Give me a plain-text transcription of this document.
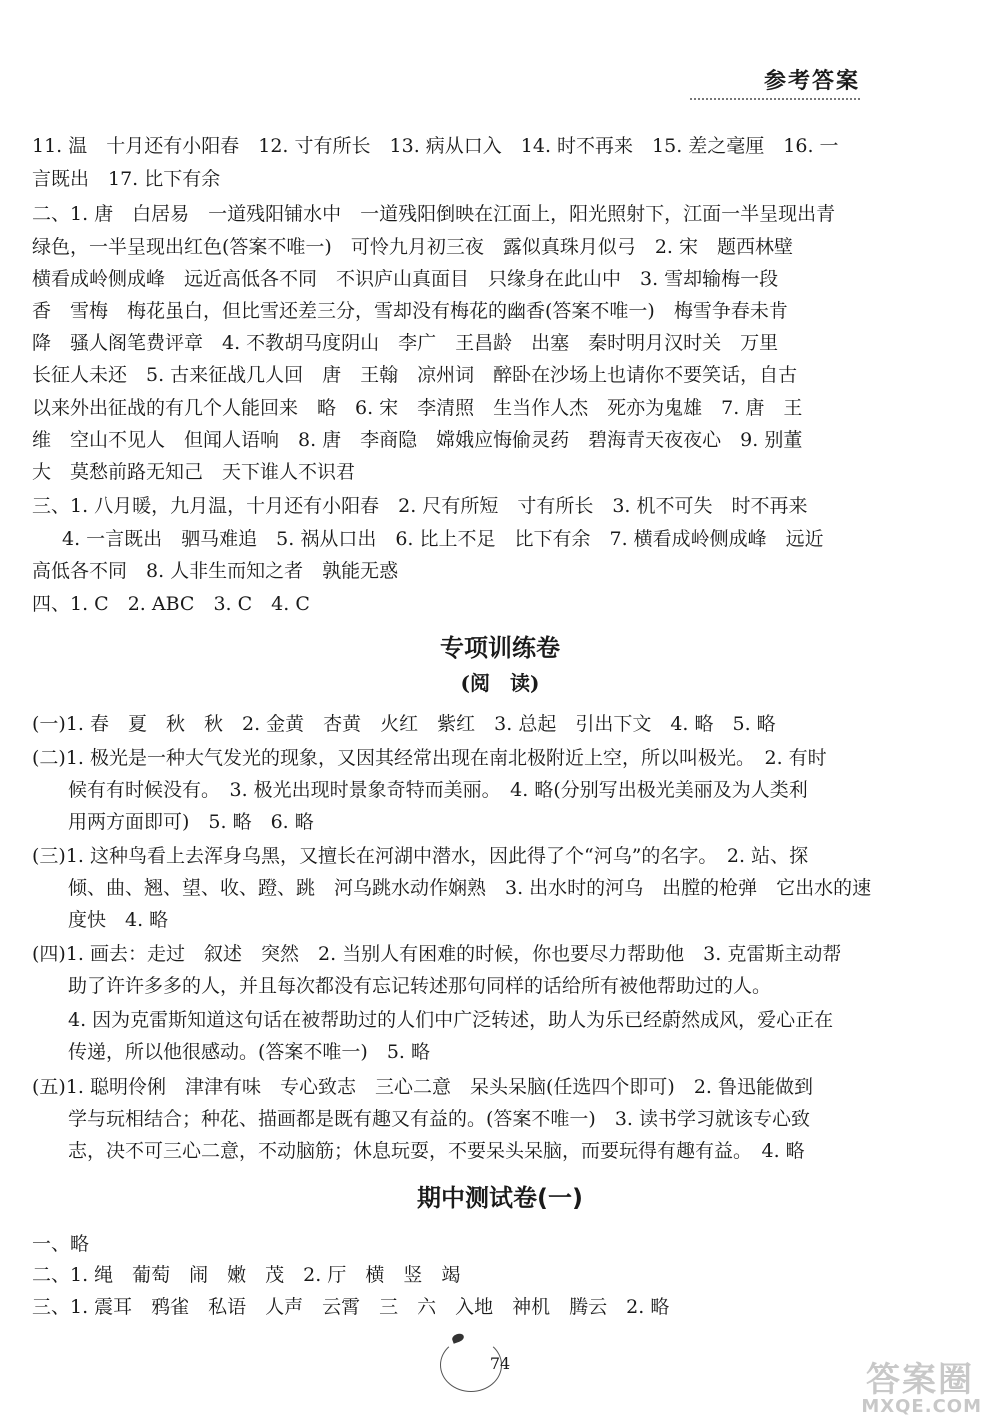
参考答案
11. 温　十月还有小阳春　12. 寸有所长　13. 病从口入　14. 时不再来　15. 差之毫厘　16. 一
言既出　17. 比下有余
二、1. 唐　白居易　一道残阳铺水中　一道残阳倒映在江面上，阳光照射下，江面一半呈现出青
绿色，一半呈现出红色(答案不唯一)　可怜九月初三夜　露似真珠月似弓　2. 宋　题西林壁
横看成岭侧成峰　远近高低各不同　不识庐山真面目　只缘身在此山中　3. 雪却输梅一段
香　雪梅　梅花虽白，但比雪还差三分，雪却没有梅花的幽香(答案不唯一)　梅雪争春未肯
降　骚人阁笔费评章　4. 不教胡马度阴山　李广　王昌龄　出塞　秦时明月汉时关　万里
长征人未还　5. 古来征战几人回　唐　王翰　凉州词　醉卧在沙场上也请你不要笑话，自古
以来外出征战的有几个人能回来　略　6. 宋　李清照　生当作人杰　死亦为鬼雄　7. 唐　王
维　空山不见人　但闻人语响　8. 唐　李商隐　嫦娥应悔偷灵药　碧海青天夜夜心　9. 别董
大　莫愁前路无知己　天下谁人不识君
三、1. 八月暖，九月温，十月还有小阳春　2. 尺有所短　寸有所长　3. 机不可失　时不再来
4. 一言既出　驷马难追　5. 祸从口出　6. 比上不足　比下有余　7. 横看成岭侧成峰　远近
高低各不同　8. 人非生而知之者　孰能无惑
四、1. C　2. ABC　3. C　4. C
专项训练卷
(阅　读)
(一)1. 春　夏　秋　秋　2. 金黄　杏黄　火红　紫红　3. 总起　引出下文　4. 略　5. 略
(二)1. 极光是一种大气发光的现象，又因其经常出现在南北极附近上空，所以叫极光。　2. 有时
候有有时候没有。　3. 极光出现时景象奇特而美丽。　4. 略(分别写出极光美丽及为人类利
用两方面即可)　5. 略　6. 略
(三)1. 这种鸟看上去浑身乌黑，又擅长在河湖中潜水，因此得了个“河乌”的名字。　2. 站、探
倾、曲、翘、望、收、蹬、跳　河乌跳水动作娴熟　3. 出水时的河乌　出膛的枪弹　它出水的速
度快　4. 略
(四)1. 画去：走过　叙述　突然　2. 当别人有困难的时候，你也要尽力帮助他　3. 克雷斯主动帮
助了许许多多的人，并且每次都没有忘记转述那句同样的话给所有被他帮助过的人。
4. 因为克雷斯知道这句话在被帮助过的人们中广泛转述，助人为乐已经蔚然成风，爱心正在
传递，所以他很感动。(答案不唯一)　5. 略
(五)1. 聪明伶俐　津津有味　专心致志　三心二意　呆头呆脑(任选四个即可)　2. 鲁迅能做到
学与玩相结合；种花、描画都是既有趣又有益的。(答案不唯一)　3. 读书学习就该专心致
志，决不可三心二意，不动脑筋；休息玩耍，不要呆头呆脑，而要玩得有趣有益。　4. 略
期中测试卷(一)
一、略
二、1. 绳　葡萄　闹　嫩　茂　2. 厅　横　竖　竭
三、1. 震耳　鸦雀　私语　人声　云霄　三　六　入地　神机　腾云　2. 略
74	答案圈
MXQE.COM
